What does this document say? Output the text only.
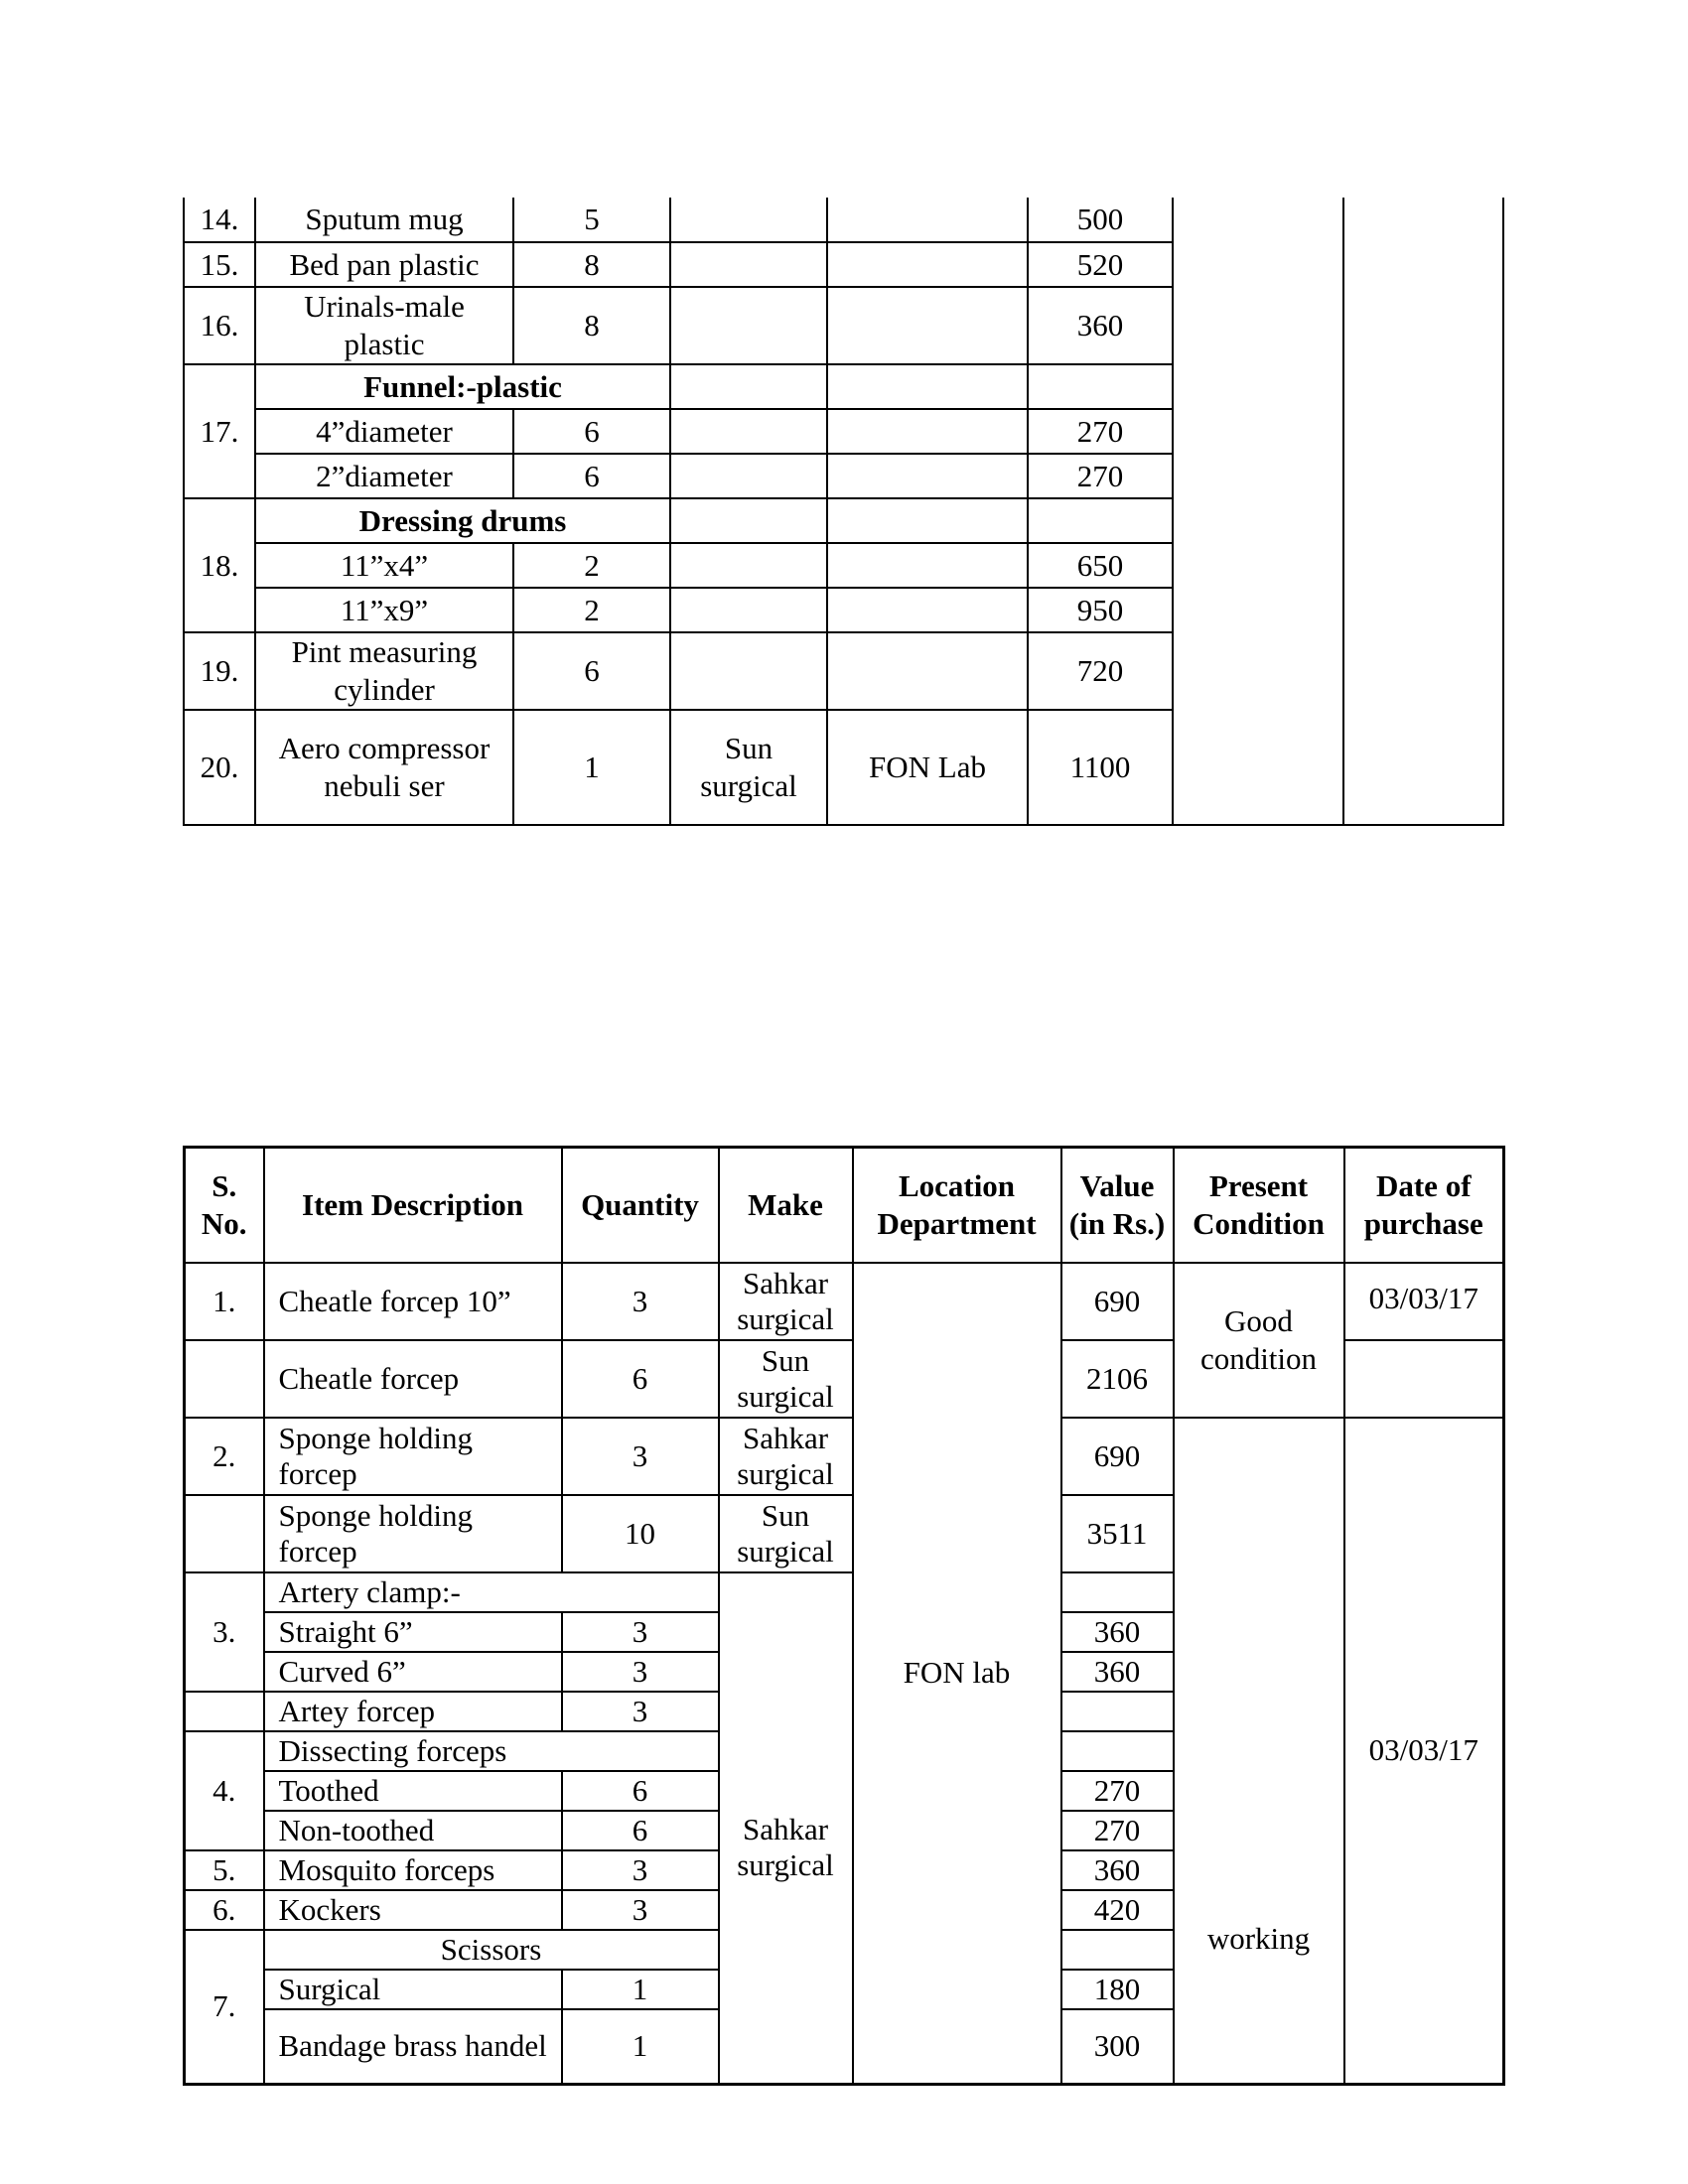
14.	Sputum mug	5			500		
15.	Bed pan plastic	8			520		
16.	Urinals-male plastic	8			360		
17.	Funnel:-plastic						
	4”diameter	6			270		
	2”diameter	6			270		
18.	Dressing drums						
	11”x4”	2			650		
	11”x9”	2			950		
19.	Pint measuring cylinder	6			720		
20.	Aero compressor nebuli ser	1	Sun surgical	FON Lab	1100		
S. No.	Item Description	Quantity	Make	Location Department	Value (in Rs.)	Present Condition	Date of purchase
1.	Cheatle forcep 10”	3	Sahkar surgical	FON lab	690	Good condition	03/03/17
	Cheatle forcep	6	Sun surgical		2106		
2.	Sponge holding forcep	3	Sahkar surgical		690	working	03/03/17
	Sponge holding forcep	10	Sun surgical		3511		
3.	Artery clamp:-		Sahkar surgical				
	Straight 6”	3			360		
	Curved 6”	3			360		
	Artey forcep	3					
4.	Dissecting forceps						
	Toothed	6			270		
	Non-toothed	6			270		
5.	Mosquito forceps	3			360		
6.	Kockers	3			420		
7.	Scissors						
	Surgical	1			180		
	Bandage brass handel	1			300		
